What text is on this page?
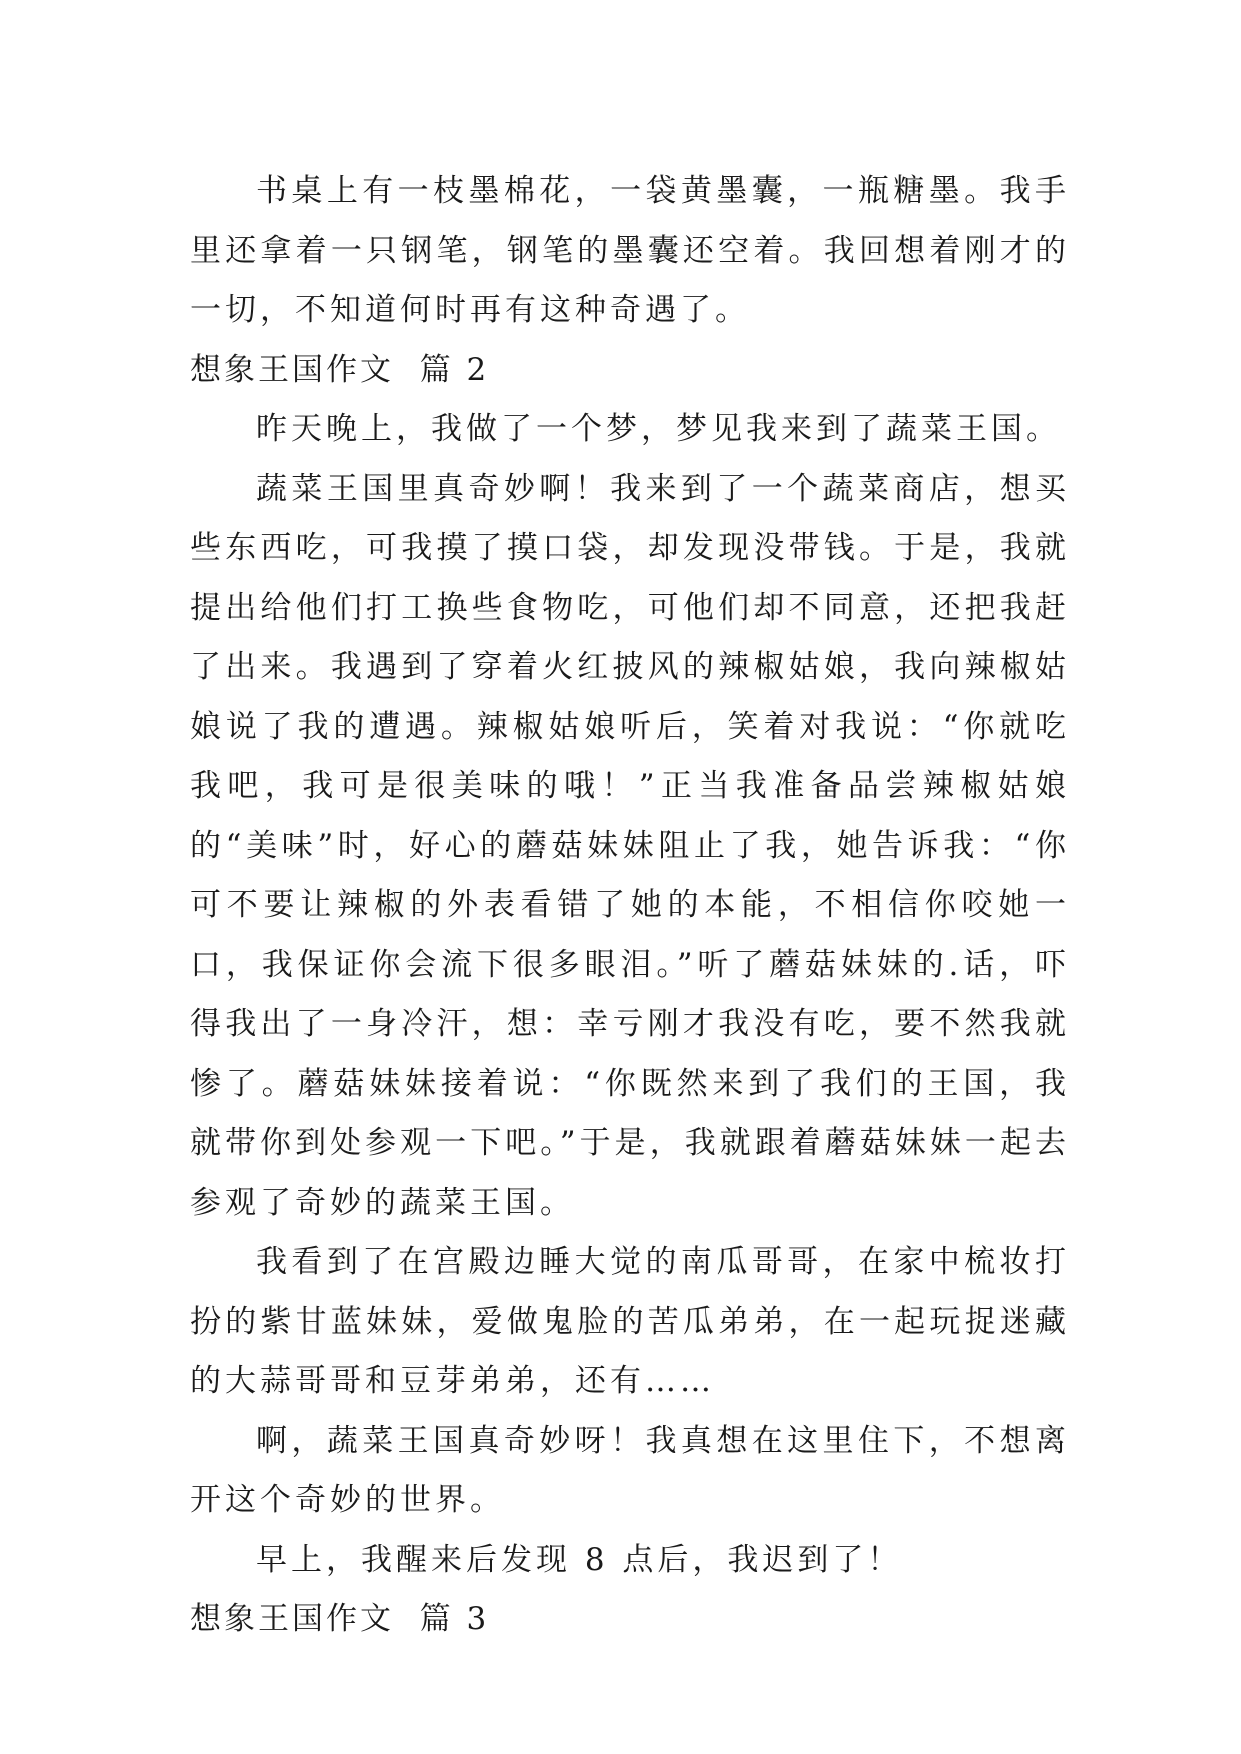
书桌上有一枝墨棉花，一袋黄墨囊，一瓶糖墨。我手里还拿着一只钢笔，钢笔的墨囊还空着。我回想着刚才的一切，不知道何时再有这种奇遇了。

想象王国作文  篇 2

昨天晚上，我做了一个梦，梦见我来到了蔬菜王国。

蔬菜王国里真奇妙啊！我来到了一个蔬菜商店，想买些东西吃，可我摸了摸口袋，却发现没带钱。于是，我就提出给他们打工换些食物吃，可他们却不同意，还把我赶了出来。我遇到了穿着火红披风的辣椒姑娘，我向辣椒姑娘说了我的遭遇。辣椒姑娘听后，笑着对我说：“你就吃我吧，我可是很美味的哦！”正当我准备品尝辣椒姑娘的“美味”时，好心的蘑菇妹妹阻止了我，她告诉我：“你可不要让辣椒的外表看错了她的本能，不相信你咬她一口，我保证你会流下很多眼泪。”听了蘑菇妹妹的.话，吓得我出了一身冷汗，想：幸亏刚才我没有吃，要不然我就惨了。蘑菇妹妹接着说：“你既然来到了我们的王国，我就带你到处参观一下吧。”于是，我就跟着蘑菇妹妹一起去参观了奇妙的蔬菜王国。

我看到了在宫殿边睡大觉的南瓜哥哥，在家中梳妆打扮的紫甘蓝妹妹，爱做鬼脸的苦瓜弟弟，在一起玩捉迷藏的大蒜哥哥和豆芽弟弟，还有……

啊，蔬菜王国真奇妙呀！我真想在这里住下，不想离开这个奇妙的世界。

早上，我醒来后发现 8 点后，我迟到了！

想象王国作文  篇 3
